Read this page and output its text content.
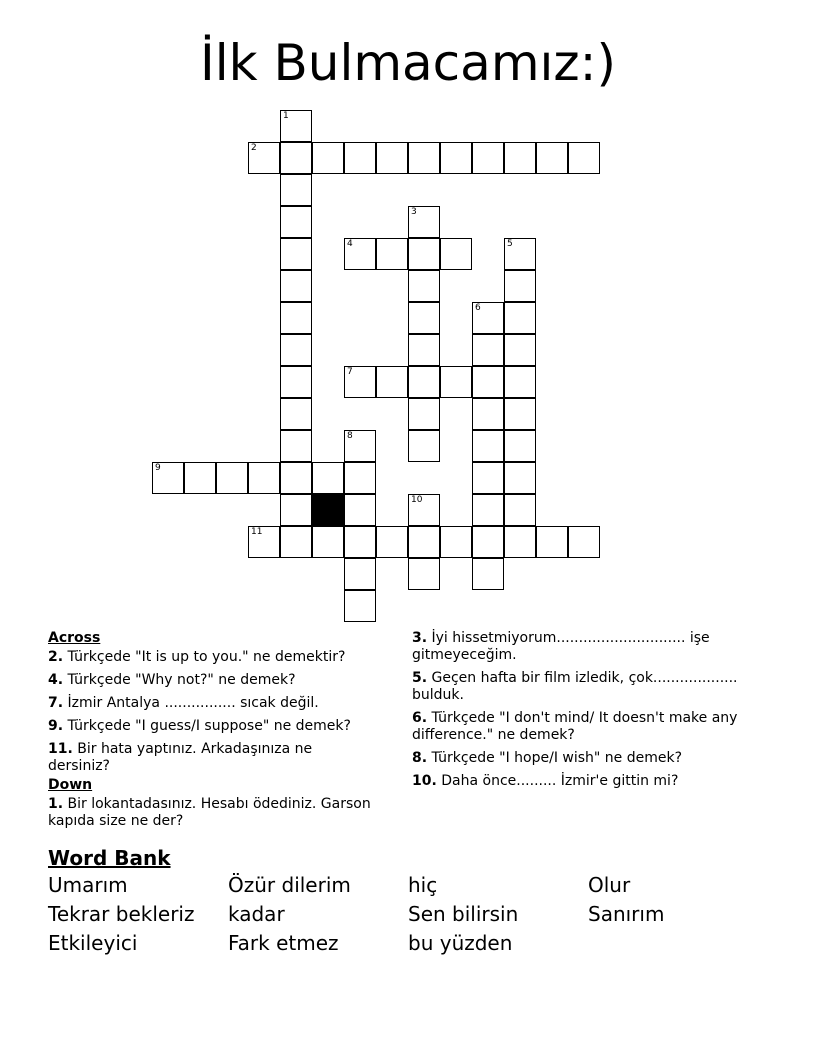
İlk Bulmacamız:)
1
2
3
4	5
6
7
8
9
10
11
Across
2. Türkçede "It is up to you." ne demektir?
4. Türkçede "Why not?" ne demek?
7. İzmir Antalya ................ sıcak değil.
9. Türkçede "I guess/I suppose" ne demek?
11. Bir hata yaptınız. Arkadaşınıza ne dersiniz?
Down
1. Bir lokantadasınız. Hesabı ödediniz. Garson kapıda size ne der?
3. İyi hissetmiyorum............................. işe gitmeyeceğim.
5. Geçen hafta bir film izledik, çok................... bulduk.
6. Türkçede "I don't mind/ It doesn't make any difference." ne demek?
8. Türkçede "I hope/I wish" ne demek?
10. Daha önce......... İzmir'e gittin mi?
Word Bank
Umarım
Tekrar bekleriz
Etkileyici
Özür dilerim
kadar
Fark etmez
hiç
Sen bilirsin
bu yüzden
Olur
Sanırım
